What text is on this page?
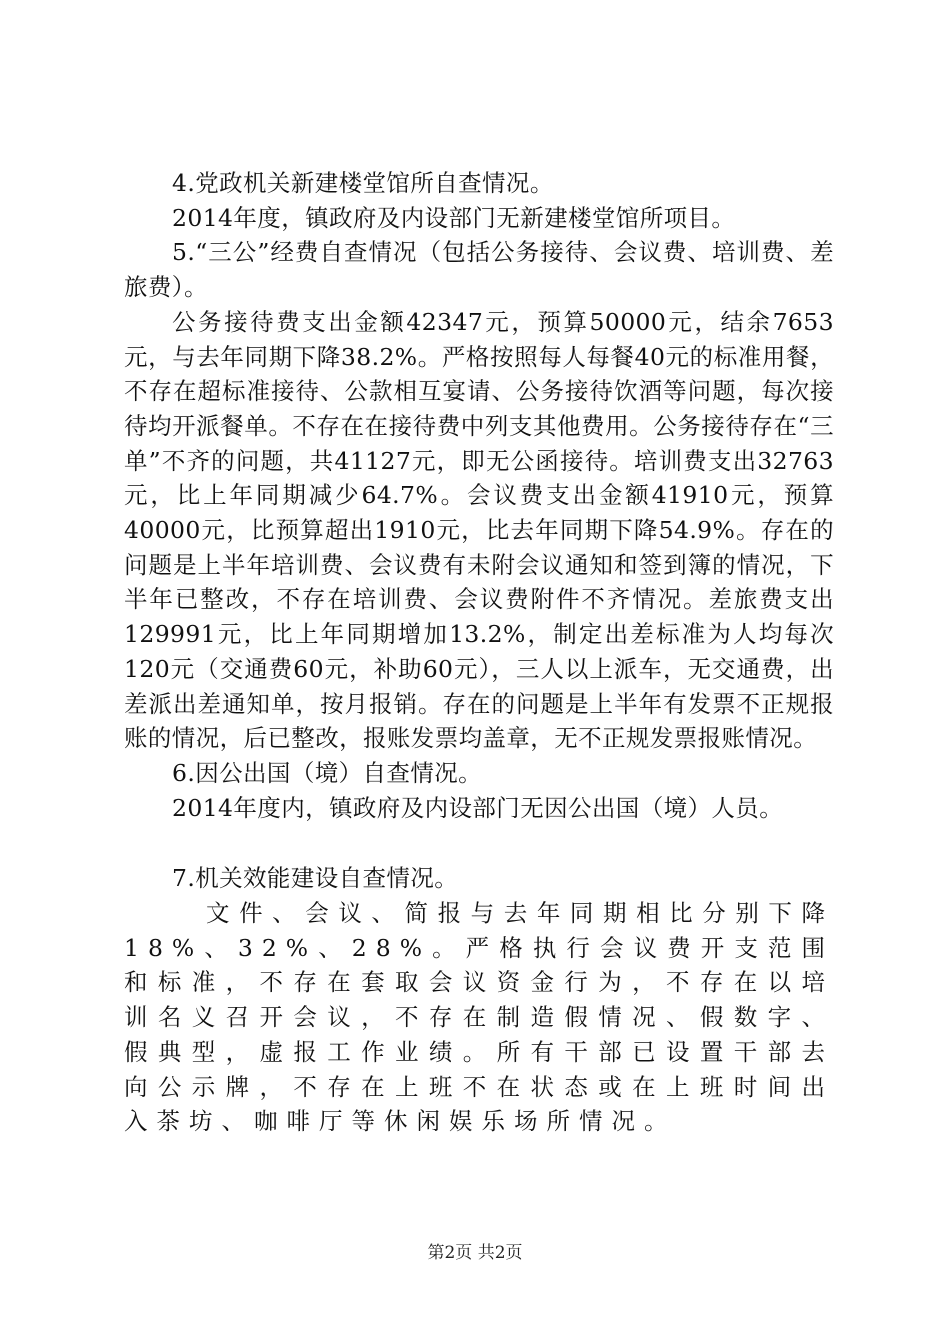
4.党政机关新建楼堂馆所自查情况。

2014年度，镇政府及内设部门无新建楼堂馆所项目。

5.“三公”经费自查情况（包括公务接待、会议费、培训费、差旅费）。

公务接待费支出金额42347元，预算50000元，结余7653元，与去年同期下降38.2%。严格按照每人每餐40元的标准用餐，不存在超标准接待、公款相互宴请、公务接待饮酒等问题，每次接待均开派餐单。不存在在接待费中列支其他费用。公务接待存在“三单”不齐的问题，共41127元，即无公函接待。培训费支出32763元，比上年同期减少64.7%。会议费支出金额41910元，预算40000元，比预算超出1910元，比去年同期下降54.9%。存在的问题是上半年培训费、会议费有未附会议通知和签到簿的情况，下半年已整改，不存在培训费、会议费附件不齐情况。差旅费支出129991元，比上年同期增加13.2%，制定出差标准为人均每次120元（交通费60元，补助60元），三人以上派车，无交通费，出差派出差通知单，按月报销。存在的问题是上半年有发票不正规报账的情况，后已整改，报账发票均盖章，无不正规发票报账情况。

6.因公出国（境）自查情况。

2014年度内，镇政府及内设部门无因公出国（境）人员。

7.机关效能建设自查情况。

文件、会议、简报与去年同期相比分别下降18%、32%、28%。严格执行会议费开支范围和标准，不存在套取会议资金行为，不存在以培训名义召开会议，不存在制造假情况、假数字、假典型，虚报工作业绩。所有干部已设置干部去向公示牌，不存在上班不在状态或在上班时间出入茶坊、咖啡厅等休闲娱乐场所情况。

第2页 共2页
